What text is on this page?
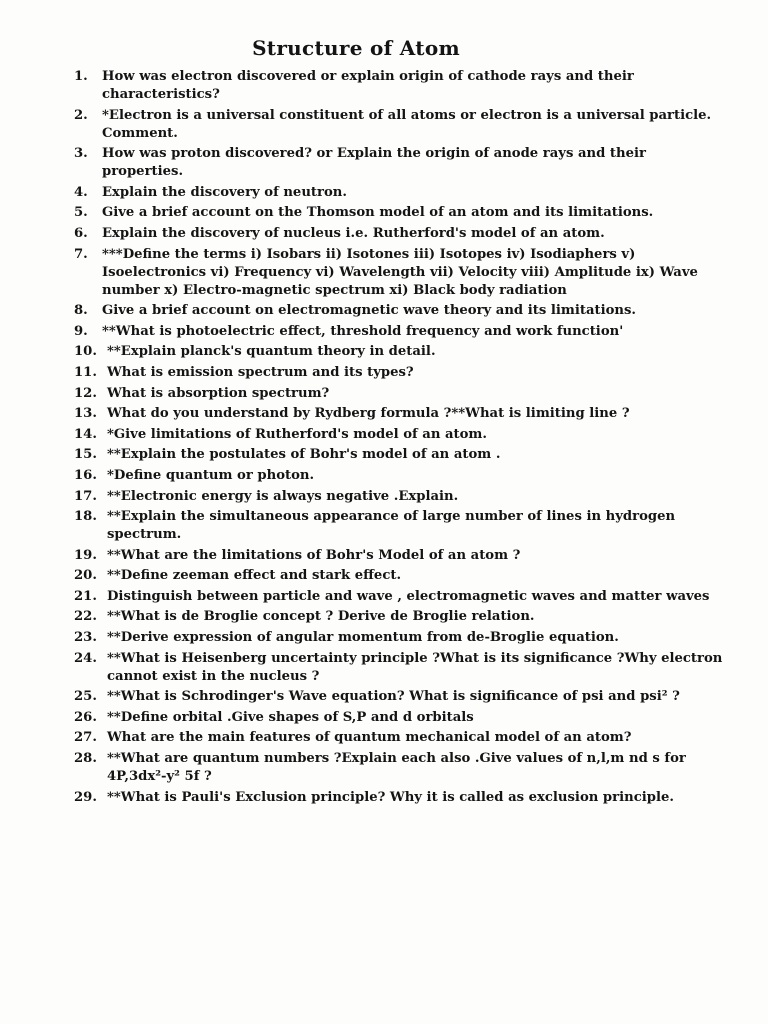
Structure of Atom
1.	How was electron discovered or explain origin of cathode rays and their characteristics?
2.	*Electron is a universal constituent of all atoms or electron is a universal particle. Comment.
3.	How was proton discovered? or Explain the origin of anode rays and their properties.
4.	Explain the discovery of neutron.
5.	Give a brief account on the Thomson model of an atom and its limitations.
6.	Explain the discovery of nucleus i.e. Rutherford's model of an atom.
7.	***Define the terms i) Isobars ii) Isotones iii) Isotopes iv) Isodiaphers v) Isoelectronics vi) Frequency vi) Wavelength vii) Velocity viii) Amplitude ix) Wave number x) Electro-magnetic spectrum xi) Black body radiation
8.	Give a brief account on electromagnetic wave theory and its limitations.
9.	**What is photoelectric effect, threshold frequency and work function'
10. **Explain planck's quantum theory in detail.
11. What is emission spectrum and its types?
12. What is absorption spectrum?
13. What do you understand by Rydberg formula ?**What is limiting line ?
14. *Give limitations of Rutherford's model of an atom.
15. **Explain the postulates of Bohr's model of an atom .
16. *Define quantum or photon.
17. **Electronic energy is always negative .Explain.
18. **Explain the simultaneous appearance of large number of lines in hydrogen spectrum.
19. **What are the limitations of Bohr's Model of an atom ?
20. **Define zeeman effect and stark effect.
21. Distinguish between particle and wave , electromagnetic waves and matter waves
22. **What is de Broglie concept ? Derive de Broglie relation.
23. **Derive expression of angular momentum from de-Broglie equation.
24. **What is Heisenberg uncertainty principle ?What is its significance ?Why electron cannot exist in the nucleus ?
25. **What is Schrodinger's Wave equation? What is significance of psi and psi² ?
26. **Define orbital .Give shapes of S,P and d orbitals
27. What are the main features of quantum mechanical model of an atom?
28. **What are quantum numbers ?Explain each also .Give values of n,l,m nd s for 4P,3dx²-y² 5f ?
29. **What is Pauli's Exclusion principle? Why it is called as exclusion principle.
